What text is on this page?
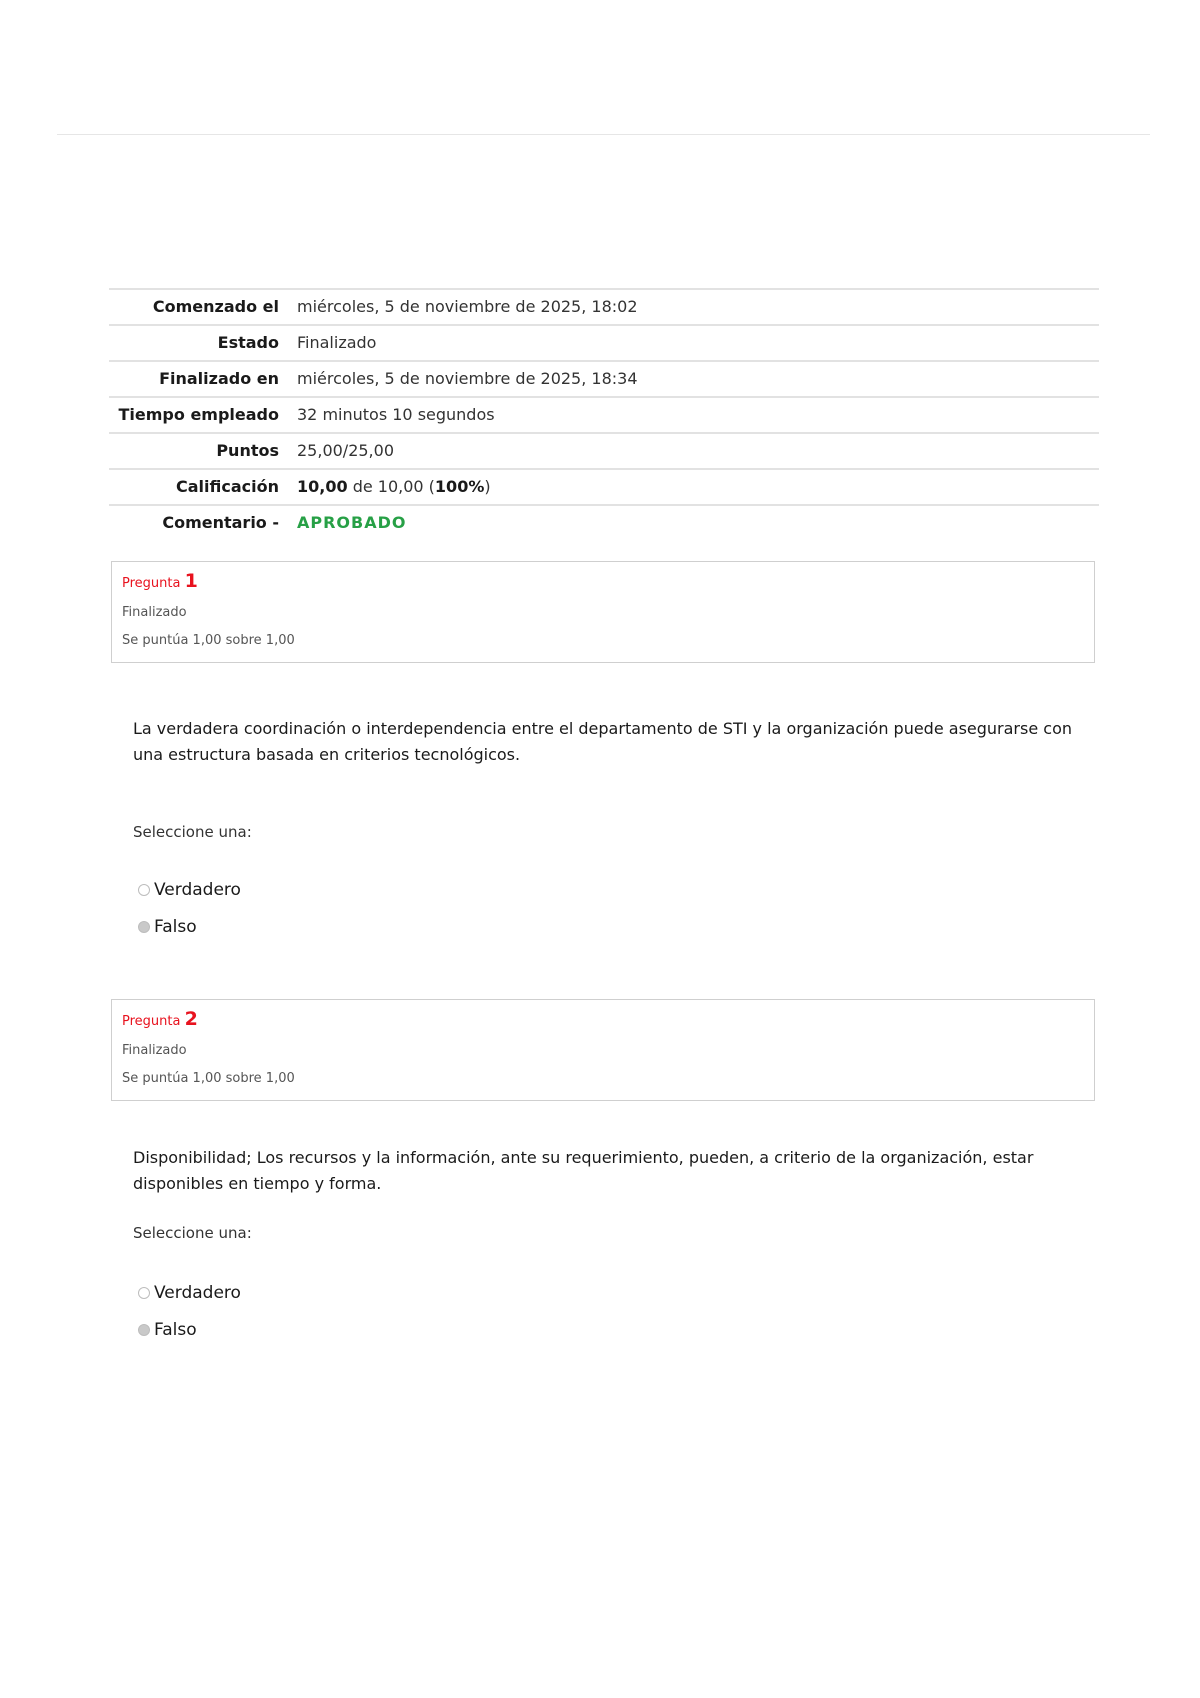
Comenzado el	miércoles, 5 de noviembre de 2025, 18:02
Estado	Finalizado
Finalizado en	miércoles, 5 de noviembre de 2025, 18:34
Tiempo empleado	32 minutos 10 segundos
Puntos	25,00/25,00
Calificación	10,00 de 10,00 (100%)
Comentario -	APROBADO
Pregunta 1
Finalizado
Se puntúa 1,00 sobre 1,00
La verdadera coordinación o interdependencia entre el departamento de STI y la organización puede asegurarse con una estructura basada en criterios tecnológicos.
Seleccione una:
Verdadero
Falso
Pregunta 2
Finalizado
Se puntúa 1,00 sobre 1,00
Disponibilidad; Los recursos y la información, ante su requerimiento, pueden, a criterio de la organización, estar disponibles en tiempo y forma.
Seleccione una:
Verdadero
Falso
